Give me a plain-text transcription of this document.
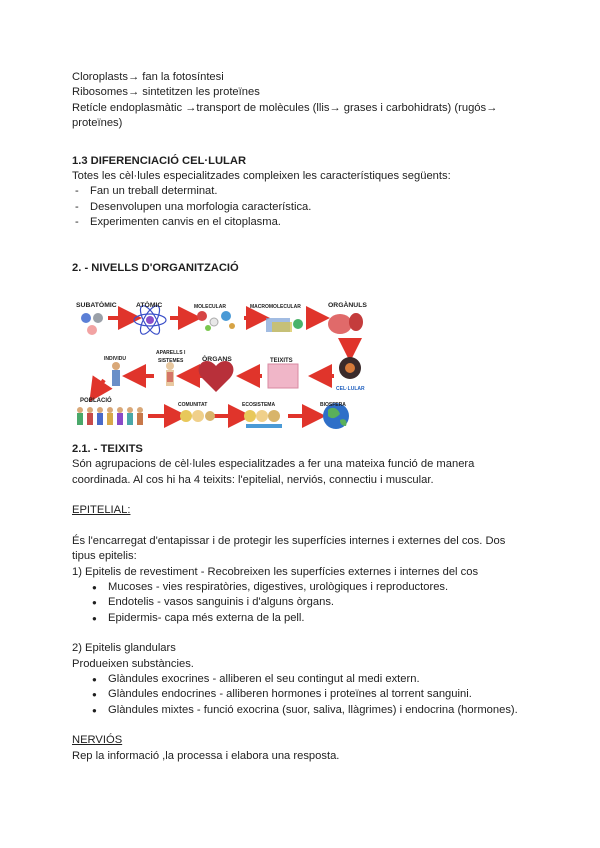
Cloroplasts→ fan la fotosíntesi
Ribosomes→ sintetitzen les proteïnes
Retícle endoplasmàtic →transport de molècules (llis→ grases i carbohidrats) (rugós→
proteïnes)
1.3 DIFERENCIACIÓ CEL·LULAR
Totes les cèl·lules especialitzades compleixen les característiques següents:
- Fan un treball determinat.
- Desenvolupen una morfologia característica.
- Experimenten canvis en el citoplasma.
2. - NIVELLS D'ORGANITZACIÓ
SUBATÒMIC	ATÒMIC	MOLECULAR	MACROMOLECULAR	ORGÀNULS
CEL·LULAR
TEIXITS
ÒRGANS
APARELLS I
SISTEMES
INDIVIDU
POBLACIÓ
COMUNITAT	ECOSISTEMA	BIOSFERA
2.1. - TEIXITS
Són agrupacions de cèl·lules especialitzades a fer una mateixa funció de manera
coordinada. Al cos hi ha 4 teixits: l'epitelial, nerviós, connectiu i muscular.
EPITELIAL:
És l'encarregat d'entapissar i de protegir les superfícies internes i externes del cos. Dos
tipus epitelis:
1) Epitelis de revestiment - Recobreixen les superfícies externes i internes del cos
● Mucoses - vies respiratòries, digestives, urològiques i reproductores.
● Endotelis - vasos sanguinis i d'alguns òrgans.
● Epidermis- capa més externa de la pell.
2) Epitelis glandulars
Produeixen substàncies.
● Glàndules exocrines - alliberen el seu contingut al medi extern.
● Glàndules endocrines - alliberen hormones i proteïnes al torrent sanguini.
● Glàndules mixtes - funció exocrina (suor, saliva, llàgrimes) i endocrina (hormones).
NERVIÓS
Rep la informació ,la processa i elabora una resposta.
